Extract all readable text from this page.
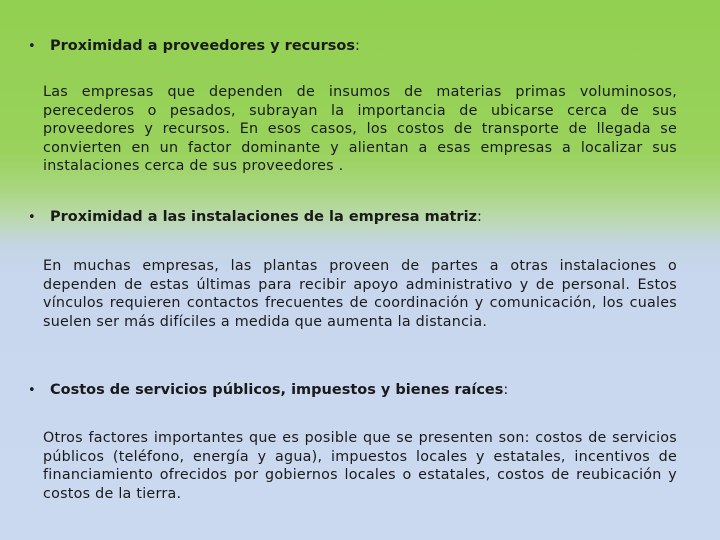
• Proximidad a proveedores y recursos:

Las empresas que dependen de insumos de materias primas voluminosos, perecederos o pesados, subrayan la importancia de ubicarse cerca de sus proveedores y recursos. En esos casos, los costos de transporte de llegada se convierten en un factor dominante y alientan a esas empresas a localizar sus instalaciones cerca de sus proveedores .

• Proximidad a las instalaciones de la empresa matriz:

En muchas empresas, las plantas proveen de partes a otras instalaciones o dependen de estas últimas para recibir apoyo administrativo y de personal. Estos vínculos requieren contactos frecuentes de coordinación y comunicación, los cuales suelen ser más difíciles a medida que aumenta la distancia.

• Costos de servicios públicos, impuestos y bienes raíces:

Otros factores importantes que es posible que se presenten son: costos de servicios públicos (teléfono, energía y agua), impuestos locales y estatales, incentivos de financiamiento ofrecidos por gobiernos locales o estatales, costos de reubicación y costos de la tierra.
